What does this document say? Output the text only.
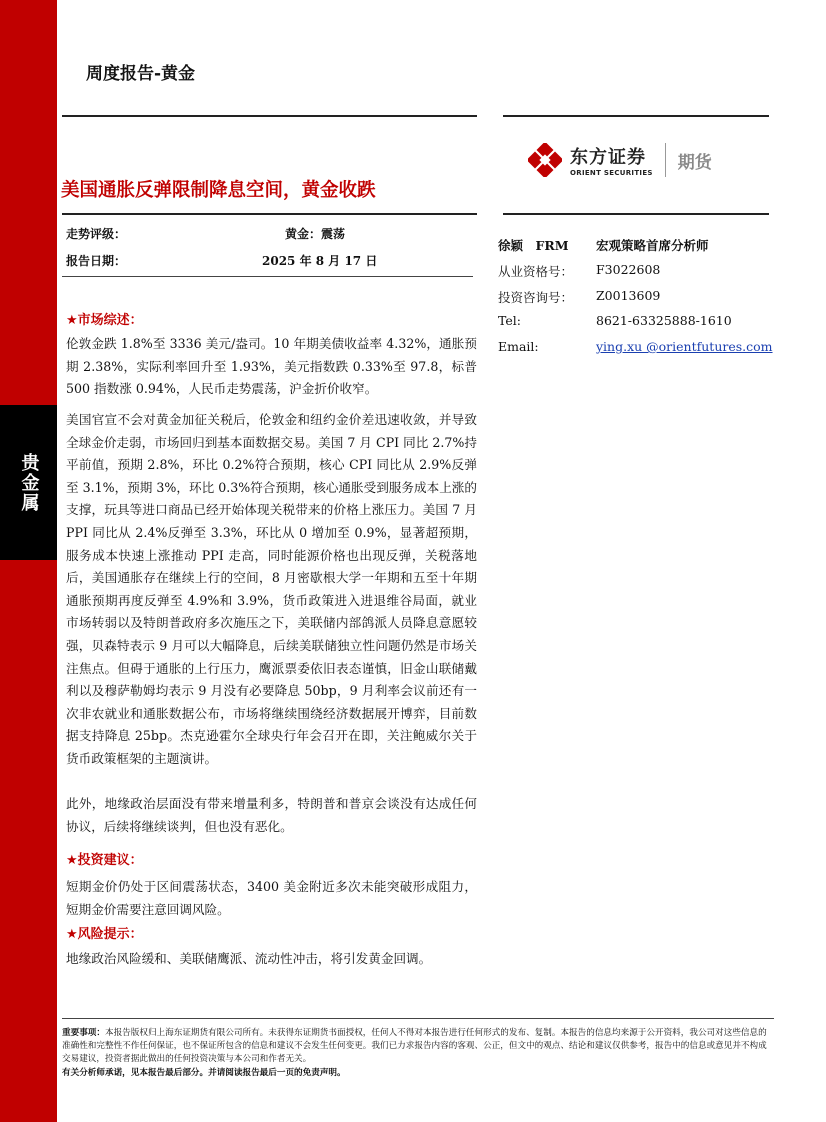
贵金属
周度报告-黄金
东方证券
ORIENT SECURITIES
期货
美国通胀反弹限制降息空间，黄金收跌
走势评级：	黄金：震荡
报告日期：	2025 年 8 月 17 日
徐颖　FRM 宏观策略首席分析师
从业资格号： F3022608
投资咨询号： Z0013609
Tel:	8621-63325888-1610
Email:	ying.xu @orientfutures.com
★市场综述：
伦敦金跌 1.8%至 3336 美元/盎司。10 年期美债收益率 4.32%，通胀预期 2.38%，实际利率回升至 1.93%，美元指数跌 0.33%至 97.8，标普 500 指数涨 0.94%，人民币走势震荡，沪金折价收窄。
美国官宣不会对黄金加征关税后，伦敦金和纽约金价差迅速收敛，并导致全球金价走弱，市场回归到基本面数据交易。美国 7 月 CPI 同比 2.7%持平前值，预期 2.8%，环比 0.2%符合预期，核心 CPI 同比从 2.9%反弹至 3.1%，预期 3%，环比 0.3%符合预期，核心通胀受到服务成本上涨的支撑，玩具等进口商品已经开始体现关税带来的价格上涨压力。美国 7 月 PPI 同比从 2.4%反弹至 3.3%，环比从 0 增加至 0.9%，显著超预期，服务成本快速上涨推动 PPI 走高，同时能源价格也出现反弹，关税落地后，美国通胀存在继续上行的空间，8 月密歇根大学一年期和五至十年期通胀预期再度反弹至 4.9%和 3.9%，货币政策进入进退维谷局面，就业市场转弱以及特朗普政府多次施压之下，美联储内部鸽派人员降息意愿较强，贝森特表示 9 月可以大幅降息，后续美联储独立性问题仍然是市场关注焦点。但碍于通胀的上行压力，鹰派票委依旧表态谨慎，旧金山联储戴利以及穆萨勒姆均表示 9 月没有必要降息 50bp，9 月利率会议前还有一次非农就业和通胀数据公布，市场将继续围绕经济数据展开博弈，目前数据支持降息 25bp。杰克逊霍尔全球央行年会召开在即，关注鲍威尔关于货币政策框架的主题演讲。
此外，地缘政治层面没有带来增量利多，特朗普和普京会谈没有达成任何协议，后续将继续谈判，但也没有恶化。
★投资建议：
短期金价仍处于区间震荡状态，3400 美金附近多次未能突破形成阻力，短期金价需要注意回调风险。
★风险提示：
地缘政治风险缓和、美联储鹰派、流动性冲击，将引发黄金回调。
重要事项：本报告版权归上海东证期货有限公司所有。未获得东证期货书面授权，任何人不得对本报告进行任何形式的发布、复制。本报告的信息均来源于公开资料，我公司对这些信息的准确性和完整性不作任何保证，也不保证所包含的信息和建议不会发生任何变更。我们已力求报告内容的客观、公正，但文中的观点、结论和建议仅供参考，报告中的信息或意见并不构成交易建议，投资者据此做出的任何投资决策与本公司和作者无关。
有关分析师承诺，见本报告最后部分。并请阅读报告最后一页的免责声明。
